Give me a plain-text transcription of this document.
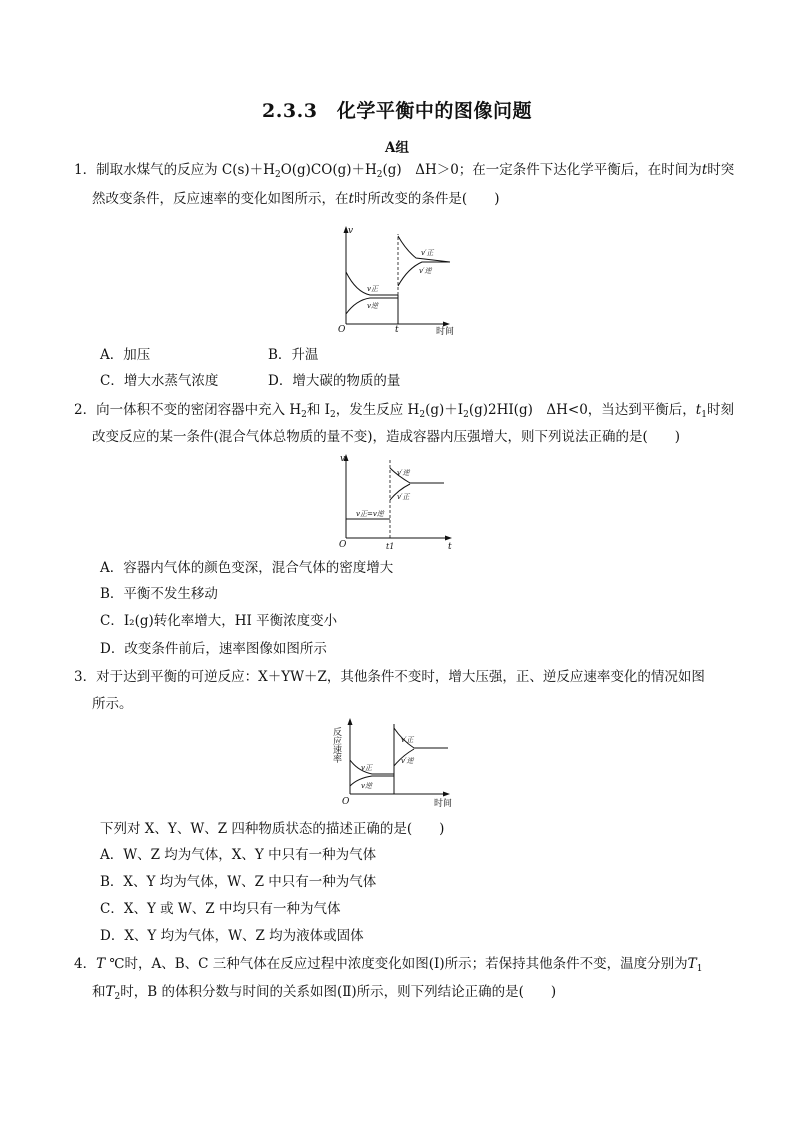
2.3.3　化学平衡中的图像问题
A组
1．制取水煤气的反应为 $C(s)+H_2O(g)CO(g)+H_2(g)$　ΔH＞0；在一定条件下达化学平衡后，在时间为t时突
然改变条件，反应速率的变化如图所示，在t时所改变的条件是(　　)
v
O	t	时间
v正
v逆
v′正
v′逆
A．加压	B．升温
C．增大水蒸气浓度	D．增大碳的物质的量
2．向一体积不变的密闭容器中充入 $H_2$和 $I_2$，发生反应 $H_2(g)+I_2(g)2HI(g)$　ΔH<0，当达到平衡后，$t_1$时刻
改变反应的某一条件(混合气体总物质的量不变)，造成容器内压强增大，则下列说法正确的是(　　)
v
O	t1	t
v正=v逆
v′逆
v′正
A．容器内气体的颜色变深，混合气体的密度增大
B．平衡不发生移动
C．I₂(g)转化率增大，HI 平衡浓度变小
D．改变条件前后，速率图像如图所示
3．对于达到平衡的可逆反应：X＋YW＋Z，其他条件不变时，增大压强，正、逆反应速率变化的情况如图
所示。
反应速率
O	时间
v正
v逆
v′正
v′逆
下列对 X、Y、W、Z 四种物质状态的描述正确的是(　　)
A．W、Z 均为气体，X、Y 中只有一种为气体
B．X、Y 均为气体，W、Z 中只有一种为气体
C．X、Y 或 W、Z 中均只有一种为气体
D．X、Y 均为气体，W、Z 均为液体或固体
4．T ℃时，A、B、C 三种气体在反应过程中浓度变化如图(Ⅰ)所示；若保持其他条件不变，温度分别为$T_1$
和$T_2$时，B 的体积分数与时间的关系如图(Ⅱ)所示，则下列结论正确的是(　　)
